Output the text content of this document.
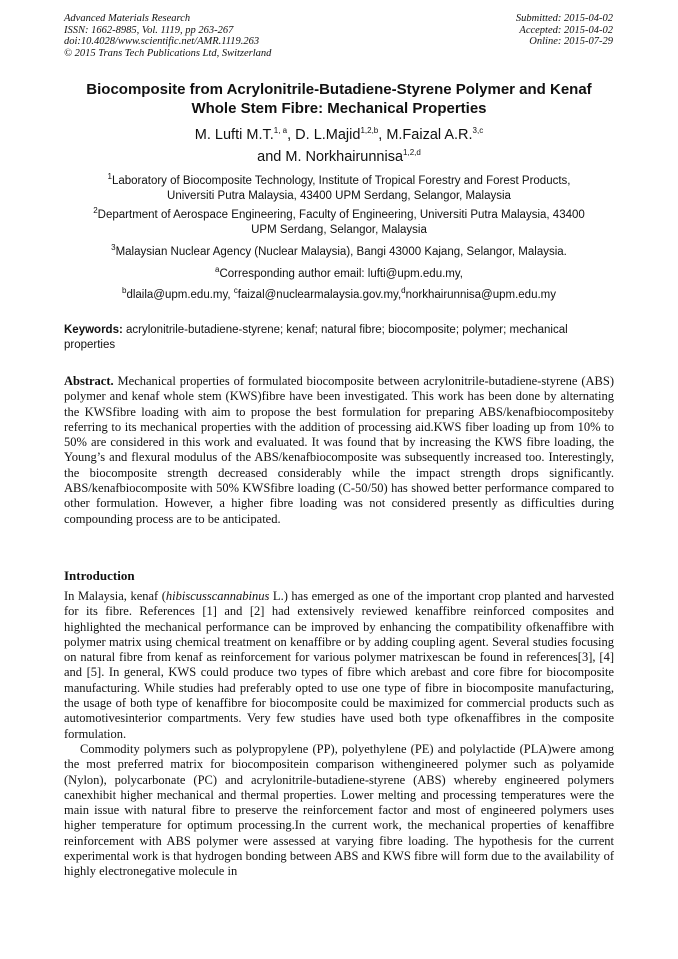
Advanced Materials Research
ISSN: 1662-8985, Vol. 1119, pp 263-267
doi:10.4028/www.scientific.net/AMR.1119.263
© 2015 Trans Tech Publications Ltd, Switzerland
Submitted: 2015-04-02
Accepted: 2015-04-02
Online: 2015-07-29
Biocomposite from Acrylonitrile-Butadiene-Styrene Polymer and Kenaf
Whole Stem Fibre: Mechanical Properties
M. Lufti M.T.$^{1, a}$, D. L.Majid$^{1,2,b}$, M.Faizal A.R.$^{3,c}$
and M. Norkhairunnisa$^{1,2,d}$
$^1$Laboratory of Biocomposite Technology, Institute of Tropical Forestry and Forest Products,
Universiti Putra Malaysia, 43400 UPM Serdang, Selangor, Malaysia
$^2$Department of Aerospace Engineering, Faculty of Engineering, Universiti Putra Malaysia, 43400
UPM Serdang, Selangor, Malaysia
$^3$Malaysian Nuclear Agency (Nuclear Malaysia), Bangi 43000 Kajang, Selangor, Malaysia.
$^a$Corresponding author email: lufti@upm.edu.my,
$^b$dlaila@upm.edu.my, $^c$faizal@nuclearmalaysia.gov.my,$^d$norkhairunnisa@upm.edu.my
Keywords: acrylonitrile-butadiene-styrene; kenaf; natural fibre; biocomposite; polymer; mechanical properties
Abstract. Mechanical properties of formulated biocomposite between acrylonitrile-butadiene-styrene (ABS) polymer and kenaf whole stem (KWS)fibre have been investigated. This work has been done by alternating the KWSfibre loading with aim to propose the best formulation for preparing ABS/kenafbiocompositeby referring to its mechanical properties with the addition of processing aid.KWS fiber loading up from 10% to 50% are considered in this work and evaluated. It was found that by increasing the KWS fibre loading, the Young’s and flexural modulus of the ABS/kenafbiocomposite was subsequently increased too. Interestingly, the biocomposite strength decreased considerably while the impact strength drops significantly. ABS/kenafbiocomposite with 50% KWSfibre loading (C-50/50) has showed better performance compared to other formulation. However, a higher fibre loading was not considered presently as difficulties during compounding process are to be anticipated.
Introduction

In Malaysia, kenaf (hibiscusscannabinus L.) has emerged as one of the important crop planted and harvested for its fibre. References [1] and [2] had extensively reviewed kenaffibre reinforced composites and highlighted the mechanical performance can be improved by enhancing the compatibility ofkenaffibre with polymer matrix using chemical treatment on kenaffibre or by adding coupling agent. Several studies focusing on natural fibre from kenaf as reinforcement for various polymer matrixescan be found in references[3], [4] and [5]. In general, KWS could produce two types of fibre which arebast and core fibre for biocomposite manufacturing. While studies had preferably opted to use one type of fibre in biocomposite manufacturing, the usage of both type of kenaffibre for biocomposite could be maximized for commercial products such as automotivesinterior compartments. Very few studies have used both type ofkenaffibres in the composite formulation.

Commodity polymers such as polypropylene (PP), polyethylene (PE) and polylactide (PLA)were among the most preferred matrix for biocompositein comparison withengineered polymer such as polyamide (Nylon), polycarbonate (PC) and acrylonitrile-butadiene-styrene (ABS) whereby engineered polymers canexhibit higher mechanical and thermal properties. Lower melting and processing temperatures were the main issue with natural fibre to preserve the reinforcement factor and most of engineered polymers uses higher temperature for optimum processing.In the current work, the mechanical properties of kenaffibre reinforcement with ABS polymer were assessed at varying fibre loading. The hypothesis for the current experimental work is that hydrogen bonding between ABS and KWS fibre will form due to the availability of highly electronegative molecule in
